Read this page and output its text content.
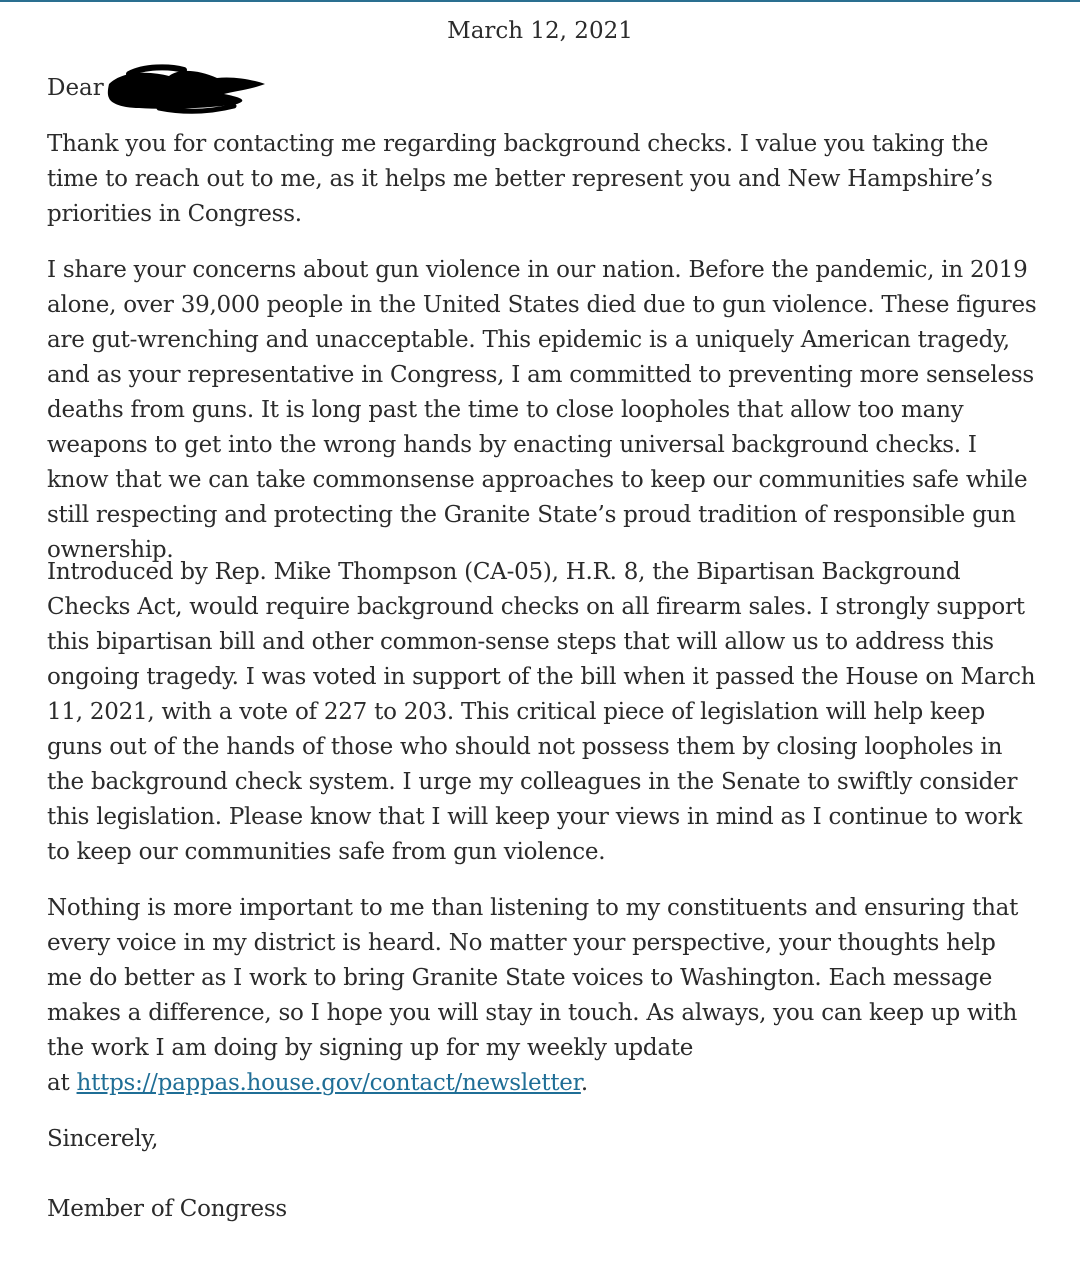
March 12, 2021
Dear

Thank you for contacting me regarding background checks. I value you taking the time to reach out to me, as it helps me better represent you and New Hampshire’s priorities in Congress.

I share your concerns about gun violence in our nation. Before the pandemic, in 2019 alone, over 39,000 people in the United States died due to gun violence. These figures are gut-wrenching and unacceptable. This epidemic is a uniquely American tragedy, and as your representative in Congress, I am committed to preventing more senseless deaths from guns. It is long past the time to close loopholes that allow too many weapons to get into the wrong hands by enacting universal background checks. I know that we can take commonsense approaches to keep our communities safe while still respecting and protecting the Granite State’s proud tradition of responsible gun ownership.

Introduced by Rep. Mike Thompson (CA-05), H.R. 8, the Bipartisan Background Checks Act, would require background checks on all firearm sales. I strongly support this bipartisan bill and other common-sense steps that will allow us to address this ongoing tragedy. I was voted in support of the bill when it passed the House on March 11, 2021, with a vote of 227 to 203. This critical piece of legislation will help keep guns out of the hands of those who should not possess them by closing loopholes in the background check system. I urge my colleagues in the Senate to swiftly consider this legislation. Please know that I will keep your views in mind as I continue to work to keep our communities safe from gun violence.

Nothing is more important to me than listening to my constituents and ensuring that every voice in my district is heard. No matter your perspective, your thoughts help me do better as I work to bring Granite State voices to Washington. Each message makes a difference, so I hope you will stay in touch. As always, you can keep up with the work I am doing by signing up for my weekly update
at https://pappas.house.gov/contact/newsletter.

Sincerely,

Member of Congress
